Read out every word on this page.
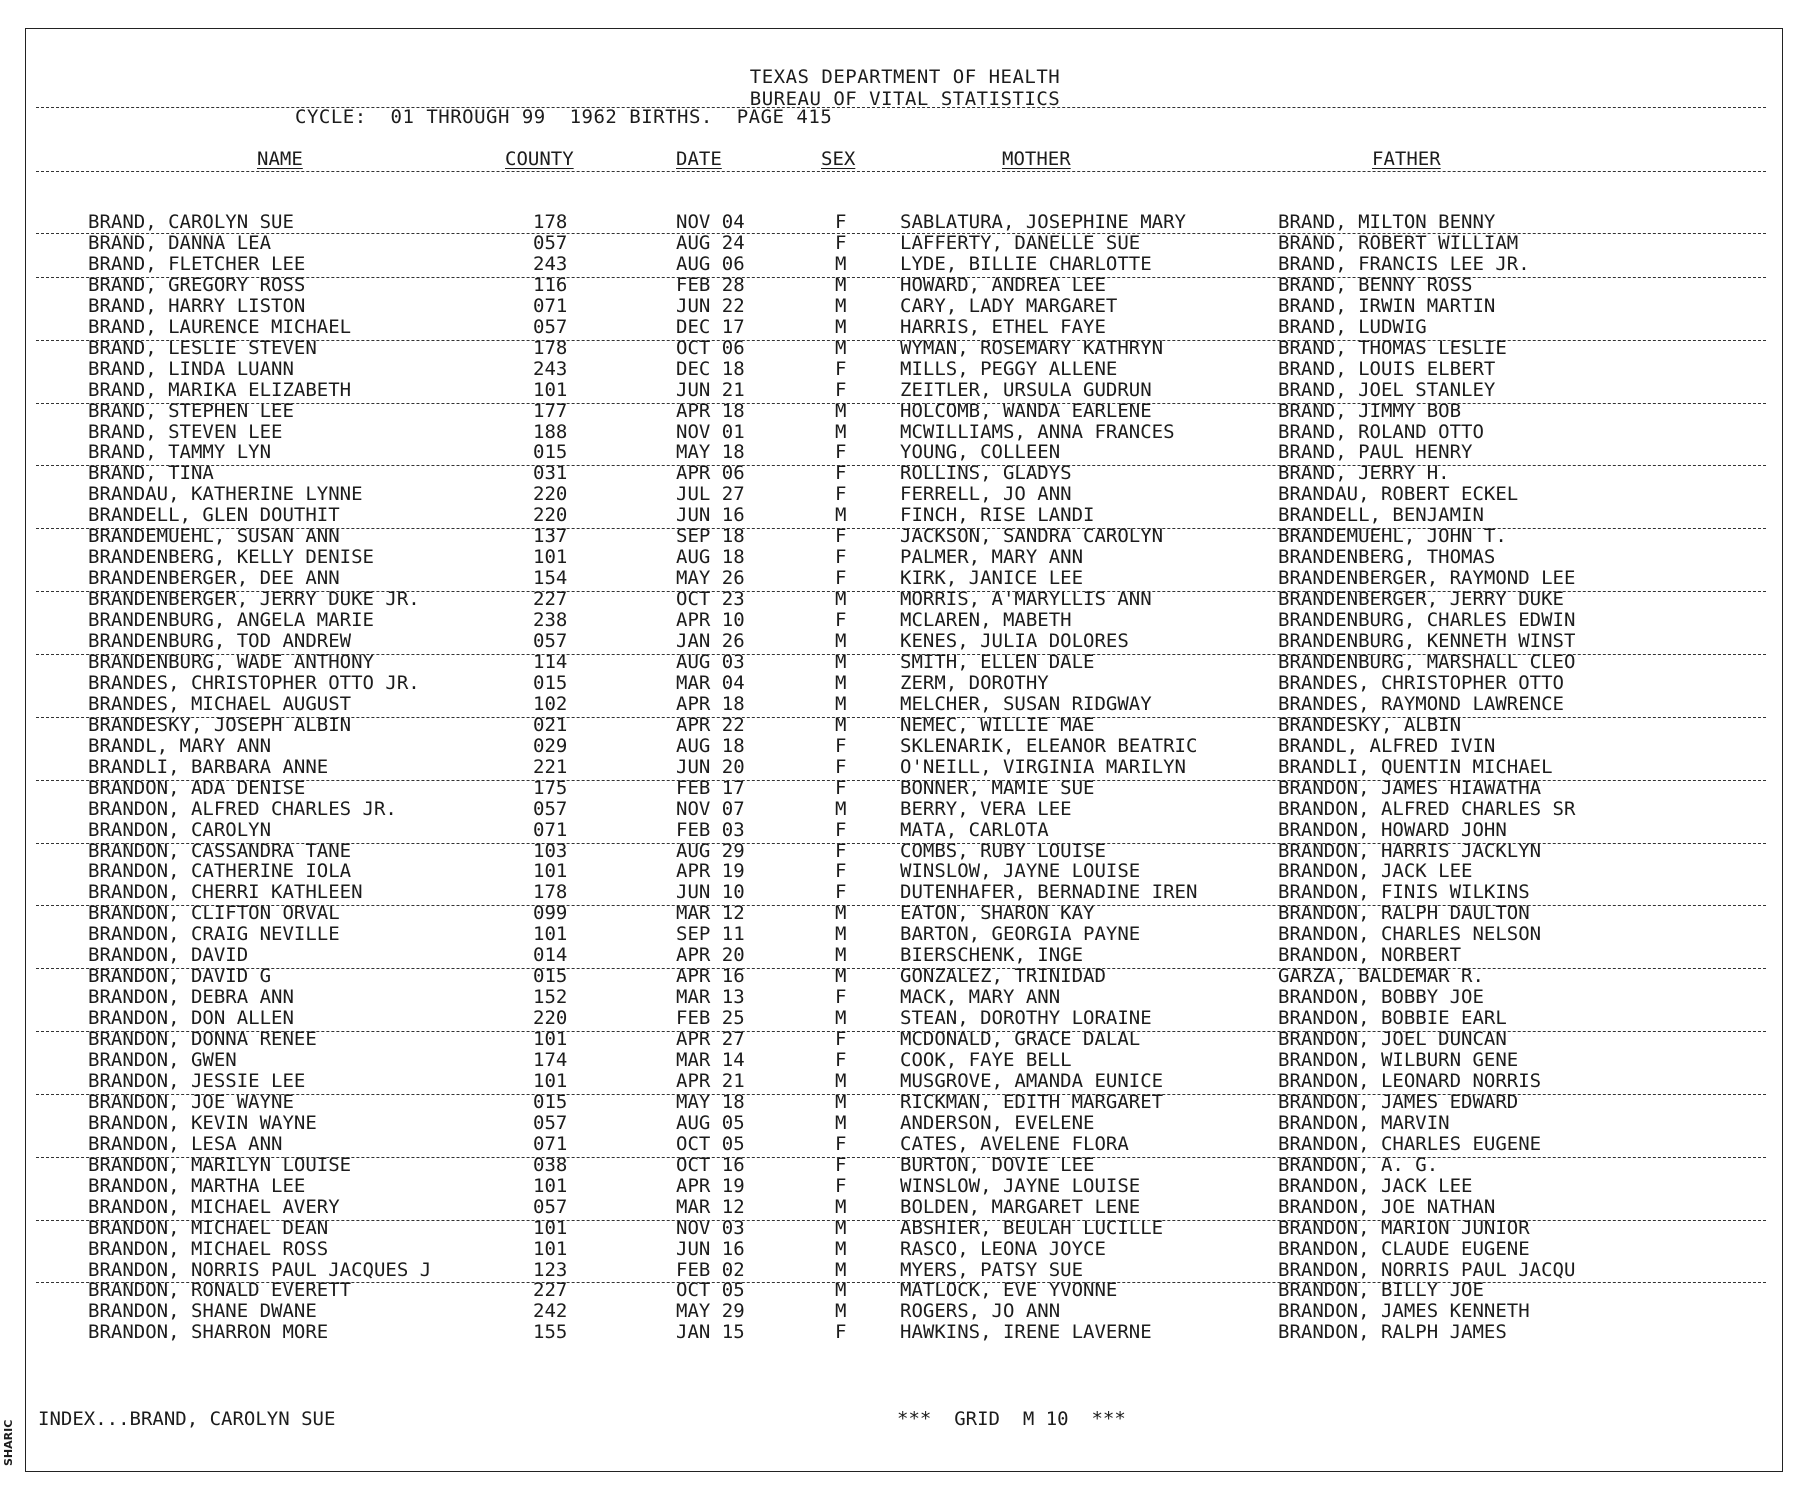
TEXAS DEPARTMENT OF HEALTH
BUREAU OF VITAL STATISTICS
CYCLE:  01 THROUGH 99  1962 BIRTHS.  PAGE 415
NAME	COUNTY	DATE	SEX	MOTHER	FATHER
BRAND, CAROLYN SUE	178	NOV 04	F	SABLATURA, JOSEPHINE MARY	BRAND, MILTON BENNY
BRAND, DANNA LEA	057	AUG 24	F	LAFFERTY, DANELLE SUE	BRAND, ROBERT WILLIAM
BRAND, FLETCHER LEE	243	AUG 06	M	LYDE, BILLIE CHARLOTTE	BRAND, FRANCIS LEE JR.
BRAND, GREGORY ROSS	116	FEB 28	M	HOWARD, ANDREA LEE	BRAND, BENNY ROSS
BRAND, HARRY LISTON	071	JUN 22	M	CARY, LADY MARGARET	BRAND, IRWIN MARTIN
BRAND, LAURENCE MICHAEL	057	DEC 17	M	HARRIS, ETHEL FAYE	BRAND, LUDWIG
BRAND, LESLIE STEVEN	178	OCT 06	M	WYMAN, ROSEMARY KATHRYN	BRAND, THOMAS LESLIE
BRAND, LINDA LUANN	243	DEC 18	F	MILLS, PEGGY ALLENE	BRAND, LOUIS ELBERT
BRAND, MARIKA ELIZABETH	101	JUN 21	F	ZEITLER, URSULA GUDRUN	BRAND, JOEL STANLEY
BRAND, STEPHEN LEE	177	APR 18	M	HOLCOMB, WANDA EARLENE	BRAND, JIMMY BOB
BRAND, STEVEN LEE	188	NOV 01	M	MCWILLIAMS, ANNA FRANCES	BRAND, ROLAND OTTO
BRAND, TAMMY LYN	015	MAY 18	F	YOUNG, COLLEEN	BRAND, PAUL HENRY
BRAND, TINA	031	APR 06	F	ROLLINS, GLADYS	BRAND, JERRY H.
BRANDAU, KATHERINE LYNNE	220	JUL 27	F	FERRELL, JO ANN	BRANDAU, ROBERT ECKEL
BRANDELL, GLEN DOUTHIT	220	JUN 16	M	FINCH, RISE LANDI	BRANDELL, BENJAMIN
BRANDEMUEHL, SUSAN ANN	137	SEP 18	F	JACKSON, SANDRA CAROLYN	BRANDEMUEHL, JOHN T.
BRANDENBERG, KELLY DENISE	101	AUG 18	F	PALMER, MARY ANN	BRANDENBERG, THOMAS
BRANDENBERGER, DEE ANN	154	MAY 26	F	KIRK, JANICE LEE	BRANDENBERGER, RAYMOND LEE
BRANDENBERGER, JERRY DUKE JR.	227	OCT 23	M	MORRIS, A'MARYLLIS ANN	BRANDENBERGER, JERRY DUKE
BRANDENBURG, ANGELA MARIE	238	APR 10	F	MCLAREN, MABETH	BRANDENBURG, CHARLES EDWIN
BRANDENBURG, TOD ANDREW	057	JAN 26	M	KENES, JULIA DOLORES	BRANDENBURG, KENNETH WINST
BRANDENBURG, WADE ANTHONY	114	AUG 03	M	SMITH, ELLEN DALE	BRANDENBURG, MARSHALL CLEO
BRANDES, CHRISTOPHER OTTO JR.	015	MAR 04	M	ZERM, DOROTHY	BRANDES, CHRISTOPHER OTTO
BRANDES, MICHAEL AUGUST	102	APR 18	M	MELCHER, SUSAN RIDGWAY	BRANDES, RAYMOND LAWRENCE
BRANDESKY, JOSEPH ALBIN	021	APR 22	M	NEMEC, WILLIE MAE	BRANDESKY, ALBIN
BRANDL, MARY ANN	029	AUG 18	F	SKLENARIK, ELEANOR BEATRIC	BRANDL, ALFRED IVIN
BRANDLI, BARBARA ANNE	221	JUN 20	F	O'NEILL, VIRGINIA MARILYN	BRANDLI, QUENTIN MICHAEL
BRANDON, ADA DENISE	175	FEB 17	F	BONNER, MAMIE SUE	BRANDON, JAMES HIAWATHA
BRANDON, ALFRED CHARLES JR.	057	NOV 07	M	BERRY, VERA LEE	BRANDON, ALFRED CHARLES SR
BRANDON, CAROLYN	071	FEB 03	F	MATA, CARLOTA	BRANDON, HOWARD JOHN
BRANDON, CASSANDRA TANE	103	AUG 29	F	COMBS, RUBY LOUISE	BRANDON, HARRIS JACKLYN
BRANDON, CATHERINE IOLA	101	APR 19	F	WINSLOW, JAYNE LOUISE	BRANDON, JACK LEE
BRANDON, CHERRI KATHLEEN	178	JUN 10	F	DUTENHAFER, BERNADINE IREN	BRANDON, FINIS WILKINS
BRANDON, CLIFTON ORVAL	099	MAR 12	M	EATON, SHARON KAY	BRANDON, RALPH DAULTON
BRANDON, CRAIG NEVILLE	101	SEP 11	M	BARTON, GEORGIA PAYNE	BRANDON, CHARLES NELSON
BRANDON, DAVID	014	APR 20	M	BIERSCHENK, INGE	BRANDON, NORBERT
BRANDON, DAVID G	015	APR 16	M	GONZALEZ, TRINIDAD	GARZA, BALDEMAR R.
BRANDON, DEBRA ANN	152	MAR 13	F	MACK, MARY ANN	BRANDON, BOBBY JOE
BRANDON, DON ALLEN	220	FEB 25	M	STEAN, DOROTHY LORAINE	BRANDON, BOBBIE EARL
BRANDON, DONNA RENEE	101	APR 27	F	MCDONALD, GRACE DALAL	BRANDON, JOEL DUNCAN
BRANDON, GWEN	174	MAR 14	F	COOK, FAYE BELL	BRANDON, WILBURN GENE
BRANDON, JESSIE LEE	101	APR 21	M	MUSGROVE, AMANDA EUNICE	BRANDON, LEONARD NORRIS
BRANDON, JOE WAYNE	015	MAY 18	M	RICKMAN, EDITH MARGARET	BRANDON, JAMES EDWARD
BRANDON, KEVIN WAYNE	057	AUG 05	M	ANDERSON, EVELENE	BRANDON, MARVIN
BRANDON, LESA ANN	071	OCT 05	F	CATES, AVELENE FLORA	BRANDON, CHARLES EUGENE
BRANDON, MARILYN LOUISE	038	OCT 16	F	BURTON, DOVIE LEE	BRANDON, A. G.
BRANDON, MARTHA LEE	101	APR 19	F	WINSLOW, JAYNE LOUISE	BRANDON, JACK LEE
BRANDON, MICHAEL AVERY	057	MAR 12	M	BOLDEN, MARGARET LENE	BRANDON, JOE NATHAN
BRANDON, MICHAEL DEAN	101	NOV 03	M	ABSHIER, BEULAH LUCILLE	BRANDON, MARION JUNIOR
BRANDON, MICHAEL ROSS	101	JUN 16	M	RASCO, LEONA JOYCE	BRANDON, CLAUDE EUGENE
BRANDON, NORRIS PAUL JACQUES J	123	FEB 02	M	MYERS, PATSY SUE	BRANDON, NORRIS PAUL JACQU
BRANDON, RONALD EVERETT	227	OCT 05	M	MATLOCK, EVE YVONNE	BRANDON, BILLY JOE
BRANDON, SHANE DWANE	242	MAY 29	M	ROGERS, JO ANN	BRANDON, JAMES KENNETH
BRANDON, SHARRON MORE	155	JAN 15	F	HAWKINS, IRENE LAVERNE	BRANDON, RALPH JAMES
INDEX...BRAND, CAROLYN SUE	***  GRID  M 10  ***
SHARIC
